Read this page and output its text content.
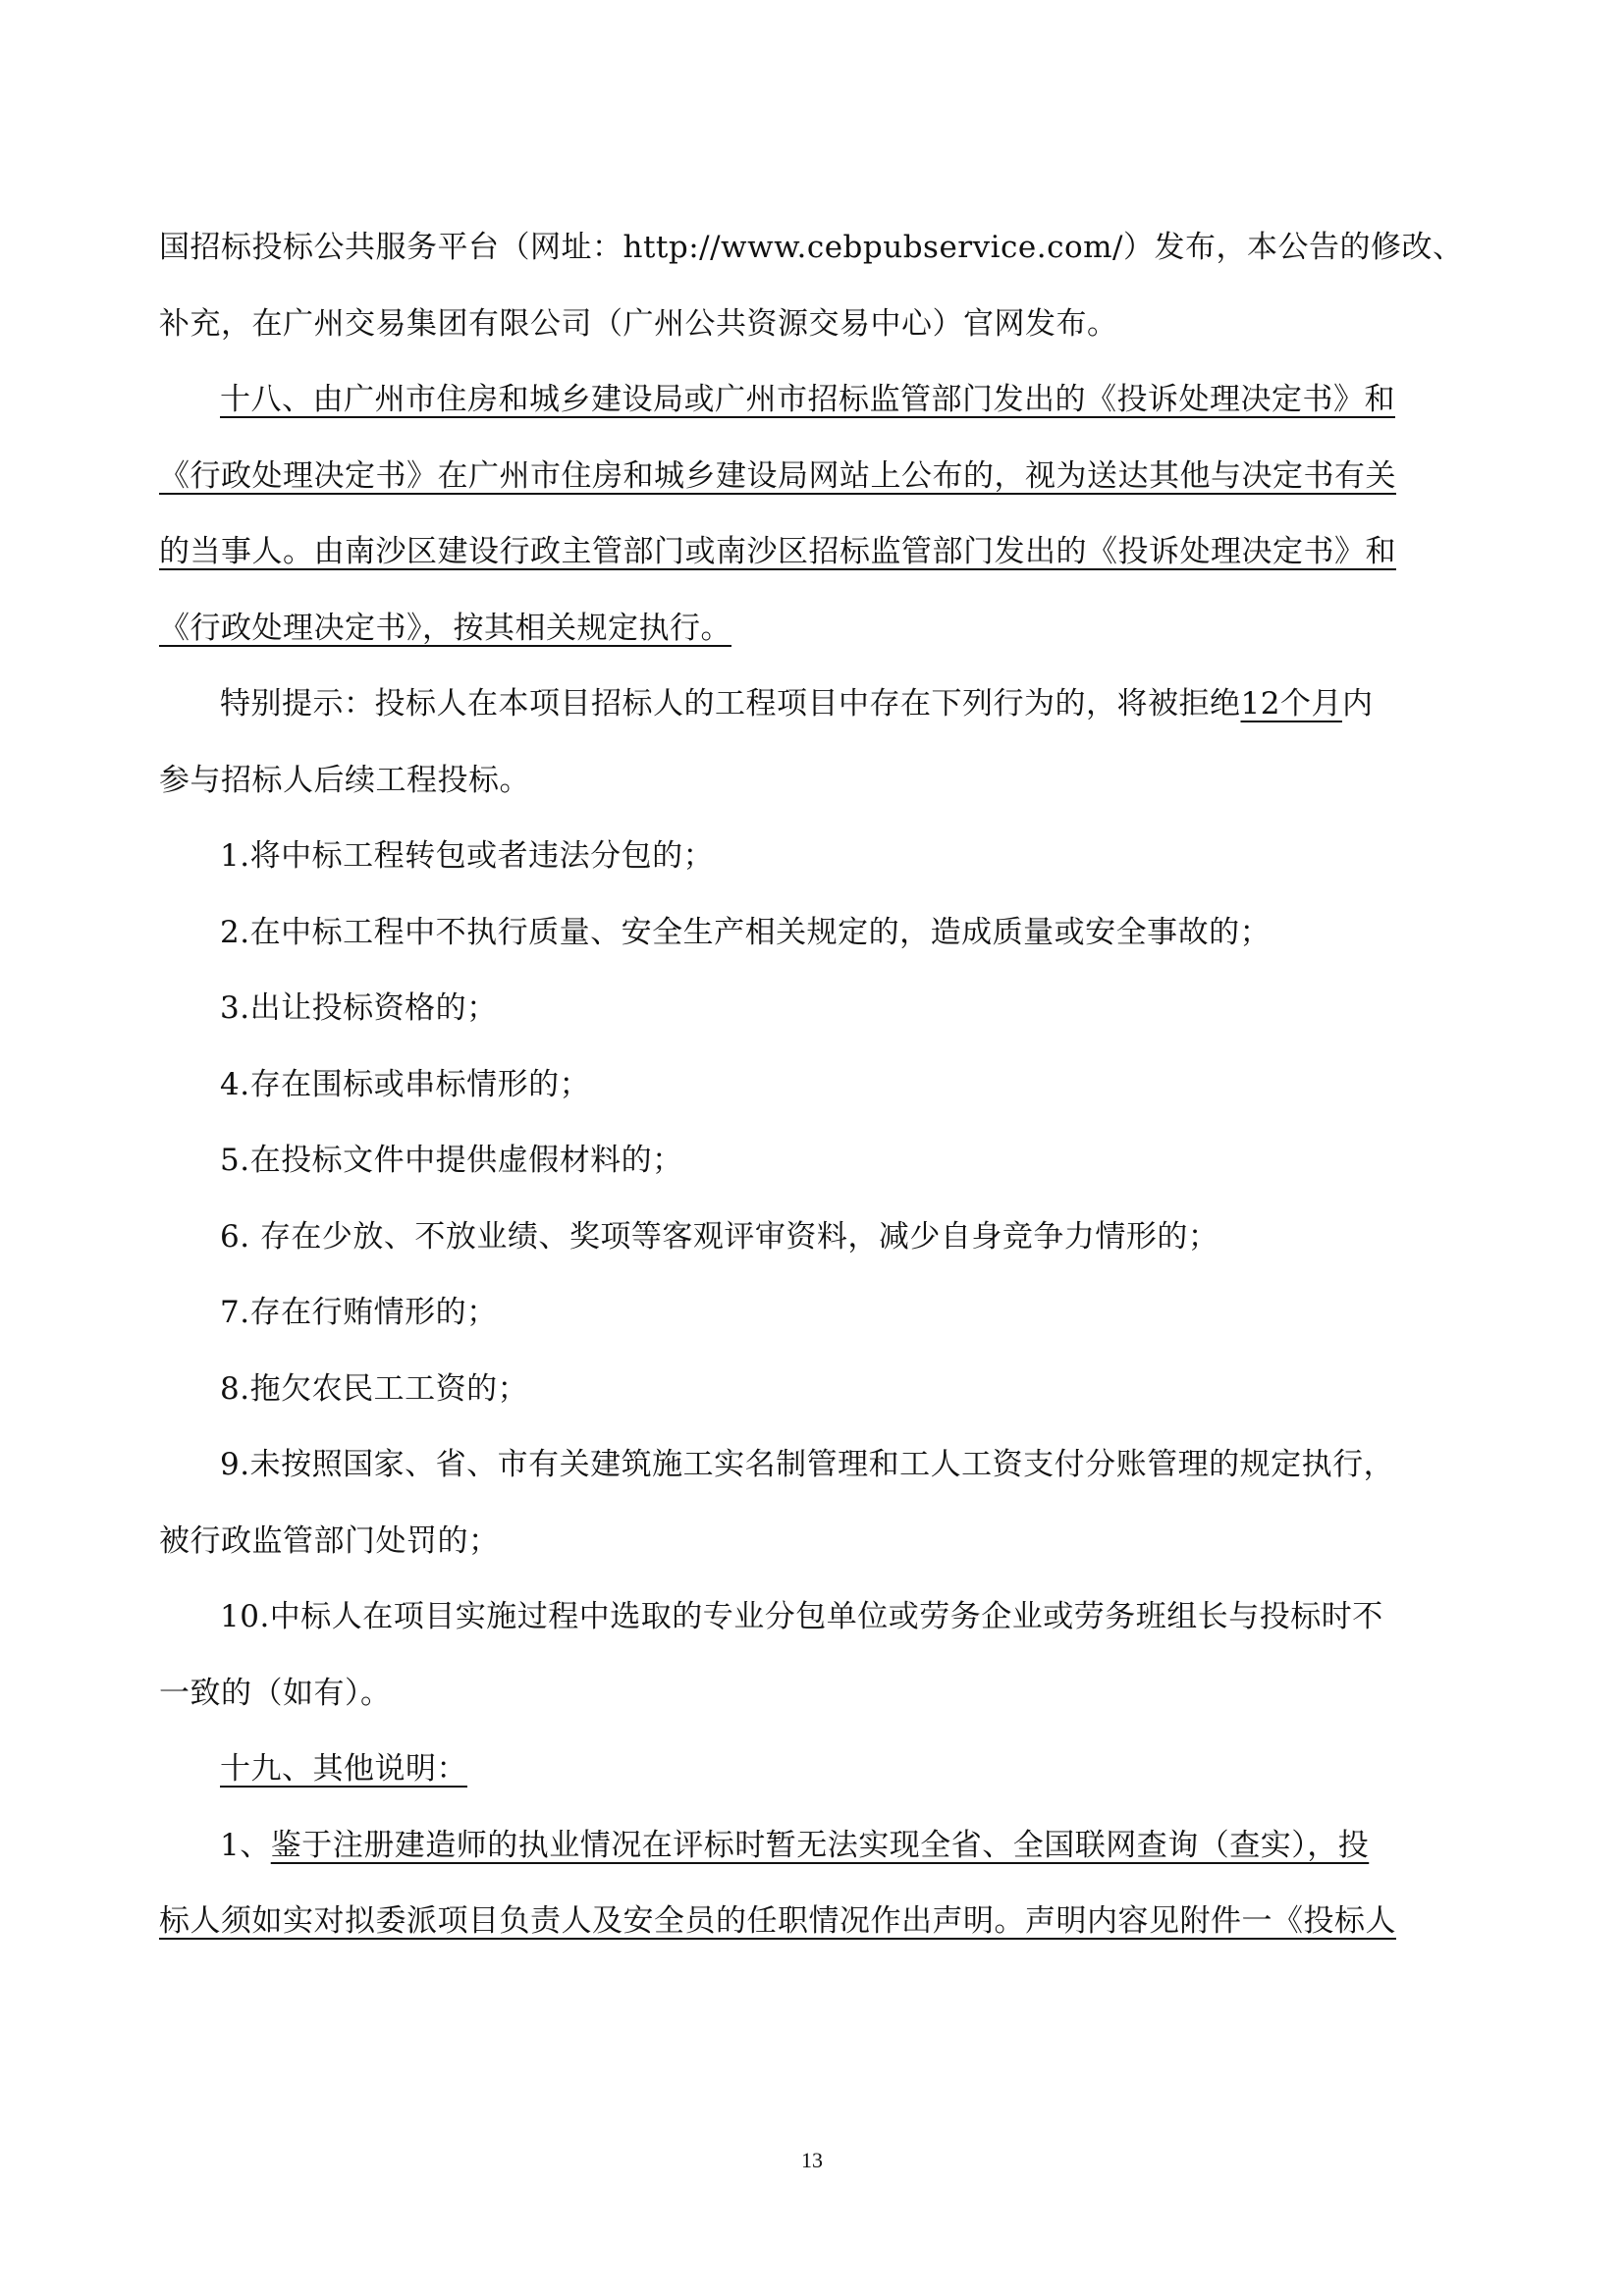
国招标投标公共服务平台（网址：http://www.cebpubservice.com/）发布，本公告的修改、
补充，在广州交易集团有限公司（广州公共资源交易中心）官网发布。
十八、由广州市住房和城乡建设局或广州市招标监管部门发出的《投诉处理决定书》和
《行政处理决定书》在广州市住房和城乡建设局网站上公布的，视为送达其他与决定书有关
的当事人。由南沙区建设行政主管部门或南沙区招标监管部门发出的《投诉处理决定书》和
《行政处理决定书》，按其相关规定执行。
特别提示：投标人在本项目招标人的工程项目中存在下列行为的，将被拒绝12个月内
参与招标人后续工程投标。
1.将中标工程转包或者违法分包的；
2.在中标工程中不执行质量、安全生产相关规定的，造成质量或安全事故的；
3.出让投标资格的；
4.存在围标或串标情形的；
5.在投标文件中提供虚假材料的；
6. 存在少放、不放业绩、奖项等客观评审资料，减少自身竞争力情形的；
7.存在行贿情形的；
8.拖欠农民工工资的；
9.未按照国家、省、市有关建筑施工实名制管理和工人工资支付分账管理的规定执行，
被行政监管部门处罚的；
10.中标人在项目实施过程中选取的专业分包单位或劳务企业或劳务班组长与投标时不
一致的（如有）。
十九、其他说明：
1、鉴于注册建造师的执业情况在评标时暂无法实现全省、全国联网查询（查实），投
标人须如实对拟委派项目负责人及安全员的任职情况作出声明。声明内容见附件一《投标人
13
